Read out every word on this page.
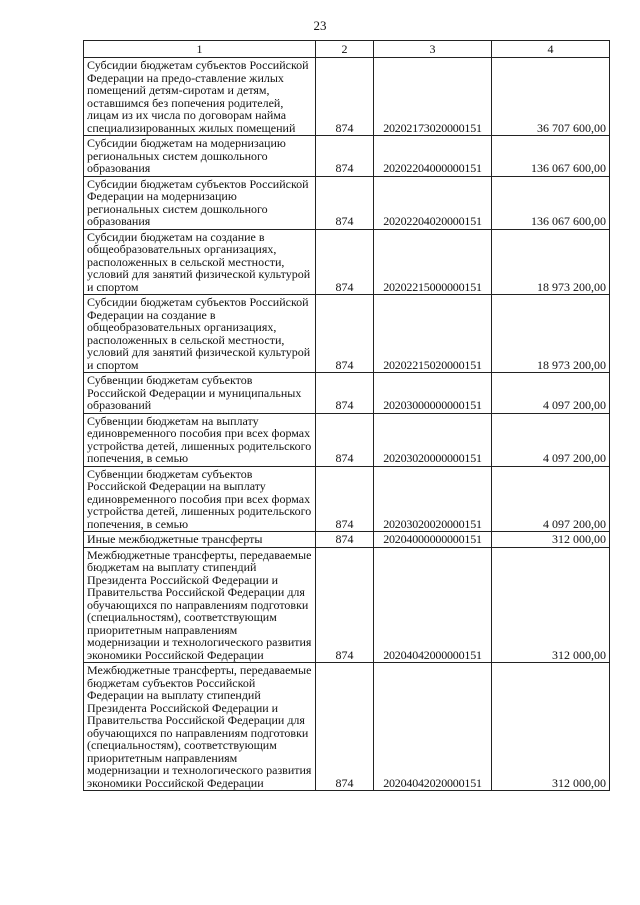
23
1	2	3	4
Субсидии бюджетам субъектов Российской Федерации на предо-ставление жилых помещений детям-сиротам и детям, оставшимся без попечения родителей, лицам из их числа по договорам найма специализированных жилых помещений	874	20202173020000151	36 707 600,00
Субсидии бюджетам на модернизацию региональных систем дошкольного образования	874	20202204000000151	136 067 600,00
Субсидии бюджетам субъектов Российской Федерации на модернизацию региональных систем дошкольного образования	874	20202204020000151	136 067 600,00
Субсидии бюджетам на создание в общеобразовательных организациях, расположенных в сельской местности, условий для занятий физической культурой и спортом	874	20202215000000151	18 973 200,00
Субсидии бюджетам субъектов Российской Федерации на создание в общеобразовательных организациях, расположенных в сельской местности, условий для занятий физической культурой и спортом	874	20202215020000151	18 973 200,00
Субвенции бюджетам субъектов Российской Федерации и муниципальных образований	874	20203000000000151	4 097 200,00
Субвенции бюджетам на выплату единовременного пособия при всех формах устройства детей, лишенных родительского попечения, в семью	874	20203020000000151	4 097 200,00
Субвенции бюджетам субъектов Российской Федерации на выплату единовременного пособия при всех формах устройства детей, лишенных родительского попечения, в семью	874	20203020020000151	4 097 200,00
Иные межбюджетные трансферты	874	20204000000000151	312 000,00
Межбюджетные трансферты, передаваемые бюджетам на выплату стипендий Президента Российской Федерации и Правительства Российской Федерации для обучающихся по направлениям подготовки (специальностям), соответствующим приоритетным направлениям модернизации и технологического развития экономики Российской Федерации	874	20204042000000151	312 000,00
Межбюджетные трансферты, передаваемые бюджетам субъектов Российской Федерации на выплату стипендий Президента Российской Федерации и Правительства Российской Федерации для обучающихся по направлениям подготовки (специальностям), соответствующим приоритетным направлениям модернизации и технологического развития экономики Российской Федерации	874	20204042020000151	312 000,00
